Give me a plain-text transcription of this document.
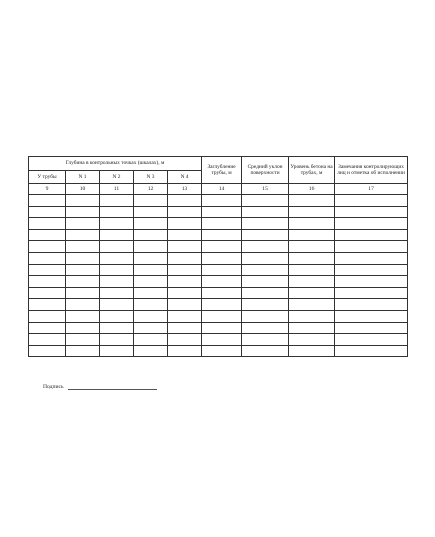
Глубина в контрольных точках (шкалах), м					Заглубление трубы, м	Средний уклон поверхности	Уровень бетона на трубах, м	Замечания контролирующих лиц и отметка об исполнении
У трубы	N 1	N 2	N 3	N 4				
9	10	11	12	13	14	15	16	17

Подпись
